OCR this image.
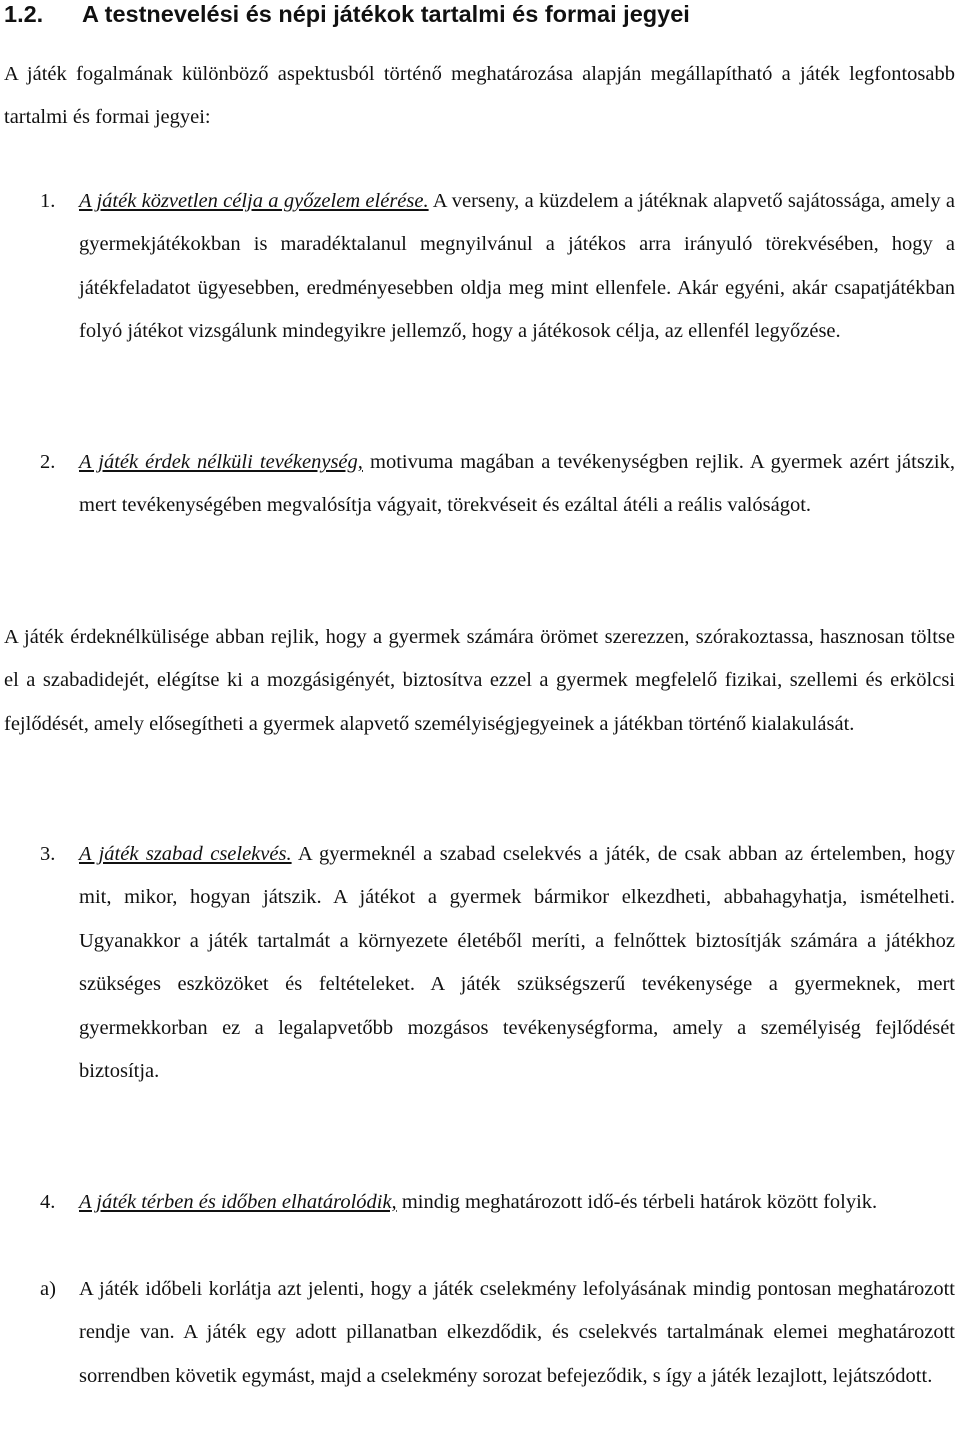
1.2. A testnevelési és népi játékok tartalmi és formai jegyei

A játék fogalmának különböző aspektusból történő meghatározása alapján megállapítható a játék legfontosabb tartalmi és formai jegyei:

1. A játék közvetlen célja a győzelem elérése. A verseny, a küzdelem a játéknak alapvető sajátossága, amely a gyermekjátékokban is maradéktalanul megnyilvánul a játékos arra irányuló törekvésében, hogy a játékfeladatot ügyesebben, eredményesebben oldja meg mint ellenfele. Akár egyéni, akár csapatjátékban folyó játékot vizsgálunk mindegyikre jellemző, hogy a játékosok célja, az ellenfél legyőzése.

2. A játék érdek nélküli tevékenység, motivuma magában a tevékenységben rejlik. A gyermek azért játszik, mert tevékenységében megvalósítja vágyait, törekvéseit és ezáltal átéli a reális valóságot.

A játék érdeknélkülisége abban rejlik, hogy a gyermek számára örömet szerezzen, szórakoztassa, hasznosan töltse el a szabadidejét, elégítse ki a mozgásigényét, biztosítva ezzel a gyermek megfelelő fizikai, szellemi és erkölcsi fejlődését, amely elősegítheti a gyermek alapvető személyiségjegyeinek a játékban történő kialakulását.

3. A játék szabad cselekvés. A gyermeknél a szabad cselekvés a játék, de csak abban az értelemben, hogy mit, mikor, hogyan játszik. A játékot a gyermek bármikor elkezdheti, abbahagyhatja, ismételheti. Ugyanakkor a játék tartalmát a környezete életéből meríti, a felnőttek biztosítják számára a játékhoz szükséges eszközöket és feltételeket. A játék szükségszerű tevékenysége a gyermeknek, mert gyermekkorban ez a legalapvetőbb mozgásos tevékenységforma, amely a személyiség fejlődését biztosítja.

4. A játék térben és időben elhatárolódik, mindig meghatározott idő-és térbeli határok között folyik.

a) A játék időbeli korlátja azt jelenti, hogy a játék cselekmény lefolyásának mindig pontosan meghatározott rendje van. A játék egy adott pillanatban elkezdődik, és cselekvés tartalmának elemei meghatározott sorrendben követik egymást, majd a cselekmény sorozat befejeződik, s így a játék lezajlott, lejátszódott.
